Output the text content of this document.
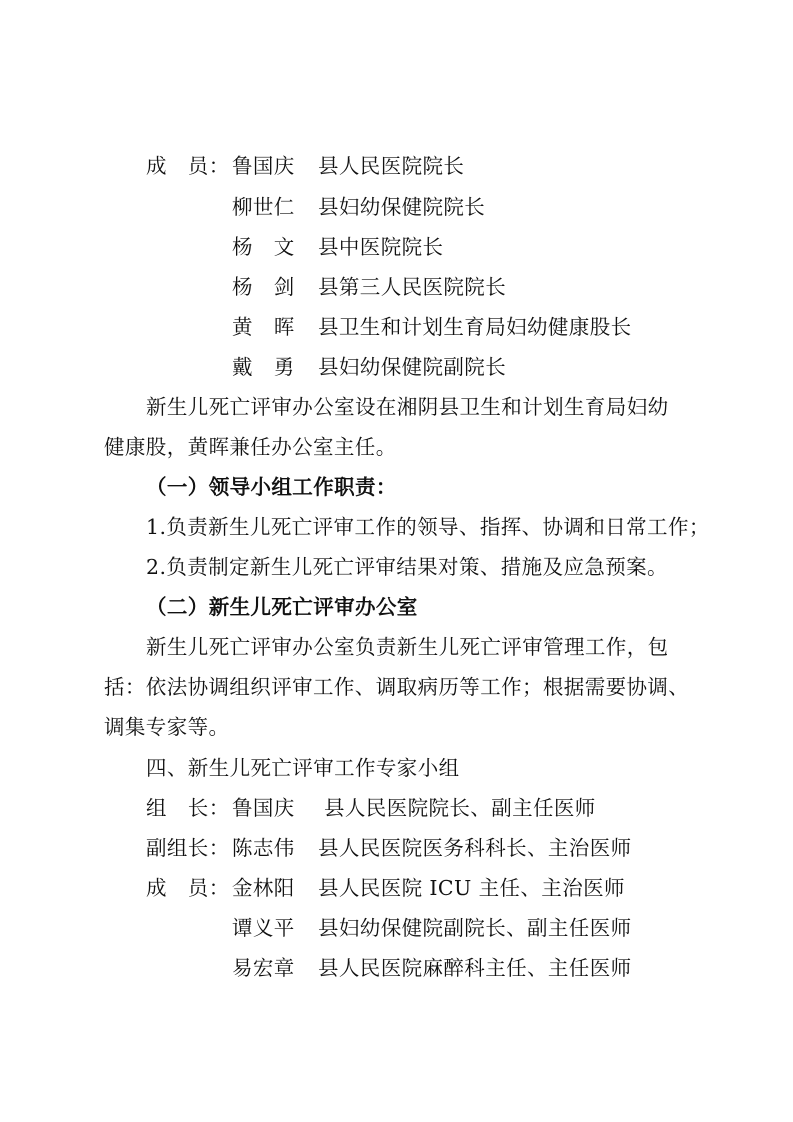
成　员： 鲁国庆 县人民医院院长
柳世仁 县妇幼保健院院长
杨　文 县中医院院长
杨　剑 县第三人民医院院长
黄　晖 县卫生和计划生育局妇幼健康股长
戴　勇 县妇幼保健院副院长
新生儿死亡评审办公室设在湘阴县卫生和计划生育局妇幼
健康股，黄晖兼任办公室主任。
（一）领导小组工作职责：
1.负责新生儿死亡评审工作的领导、指挥、协调和日常工作；
2.负责制定新生儿死亡评审结果对策、措施及应急预案。
（二）新生儿死亡评审办公室
新生儿死亡评审办公室负责新生儿死亡评审管理工作，包
括：依法协调组织评审工作、调取病历等工作；根据需要协调、
调集专家等。
四、新生儿死亡评审工作专家小组
组　长： 鲁国庆 县人民医院院长、副主任医师
副组长： 陈志伟 县人民医院医务科科长、主治医师
成　员： 金林阳 县人民医院 ICU 主任、主治医师
谭义平 县妇幼保健院副院长、副主任医师
易宏章 县人民医院麻醉科主任、主任医师
